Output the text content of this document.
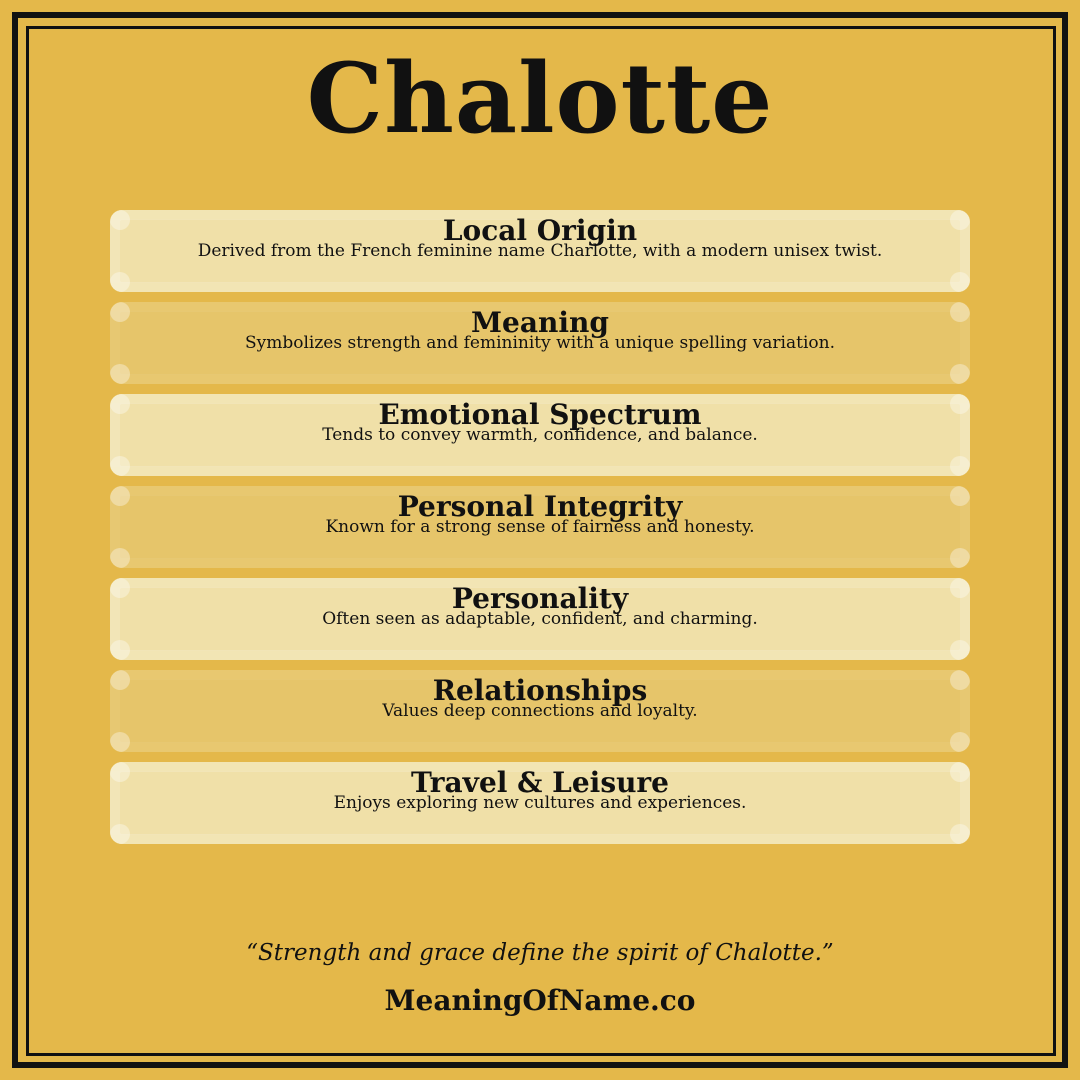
Chalotte
Local Origin
Derived from the French feminine name Charlotte, with a modern unisex twist.
Meaning
Symbolizes strength and femininity with a unique spelling variation.
Emotional Spectrum
Tends to convey warmth, confidence, and balance.
Personal Integrity
Known for a strong sense of fairness and honesty.
Personality
Often seen as adaptable, confident, and charming.
Relationships
Values deep connections and loyalty.
Travel & Leisure
Enjoys exploring new cultures and experiences.
“Strength and grace define the spirit of Chalotte.”
MeaningOfName.co
